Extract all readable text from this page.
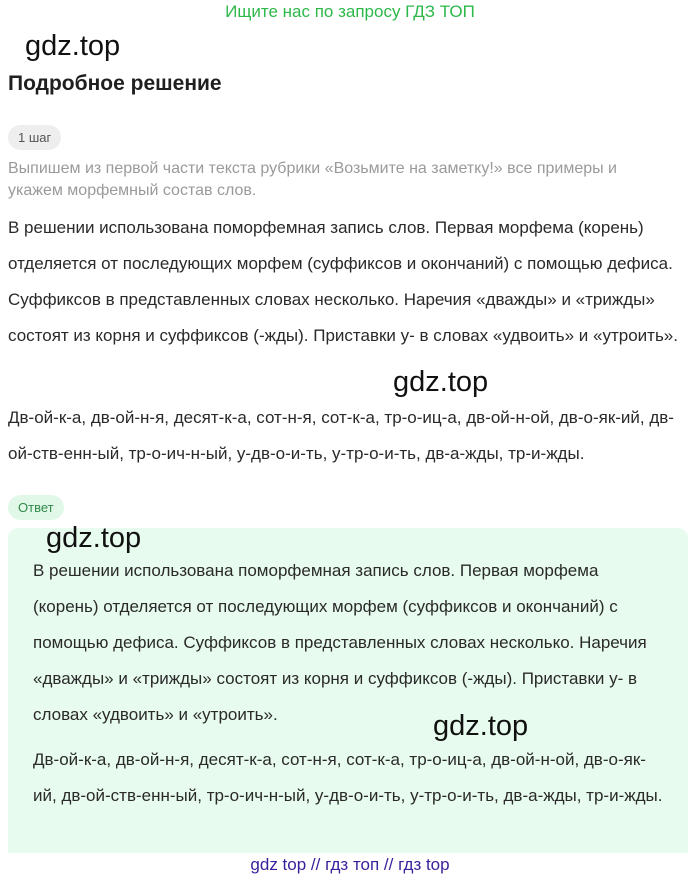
Ищите нас по запросу ГДЗ ТОП
gdz.top
Подробное решение
1 шаг
Выпишем из первой части текста рубрики «Возьмите на заметку!» все примеры и укажем морфемный состав слов.

В решении использована поморфемная запись слов. Первая морфема (корень) отделяется от последующих морфем (суффиксов и окончаний) с помощью дефиса. Суффиксов в представленных словах несколько. Наречия «дважды» и «трижды» состоят из корня и суффиксов (-жды). Приставки у- в словах «удвоить» и «утроить».

Дв-ой-к-а, дв-ой-н-я, десят-к-а, сот-н-я, сот-к-а, тр-о-иц-а, дв-ой-н-ой, дв-о-як-ий, дв-ой-ств-енн-ый, тр-о-ич-н-ый, у-дв-о-и-ть, у-тр-о-и-ть, дв-а-жды, тр-и-жды.

gdz.top
Ответ
gdz.top

В решении использована поморфемная запись слов. Первая морфема (корень) отделяется от последующих морфем (суффиксов и окончаний) с помощью дефиса. Суффиксов в представленных словах несколько. Наречия «дважды» и «трижды» состоят из корня и суффиксов (-жды). Приставки у- в словах «удвоить» и «утроить».	gdz.top

Дв-ой-к-а, дв-ой-н-я, десят-к-а, сот-н-я, сот-к-а, тр-о-иц-а, дв-ой-н-ой, дв-о-як-ий, дв-ой-ств-енн-ый, тр-о-ич-н-ый, у-дв-о-и-ть, у-тр-о-и-ть, дв-а-жды, тр-и-жды.

gdz top // гдз топ // гдз top
